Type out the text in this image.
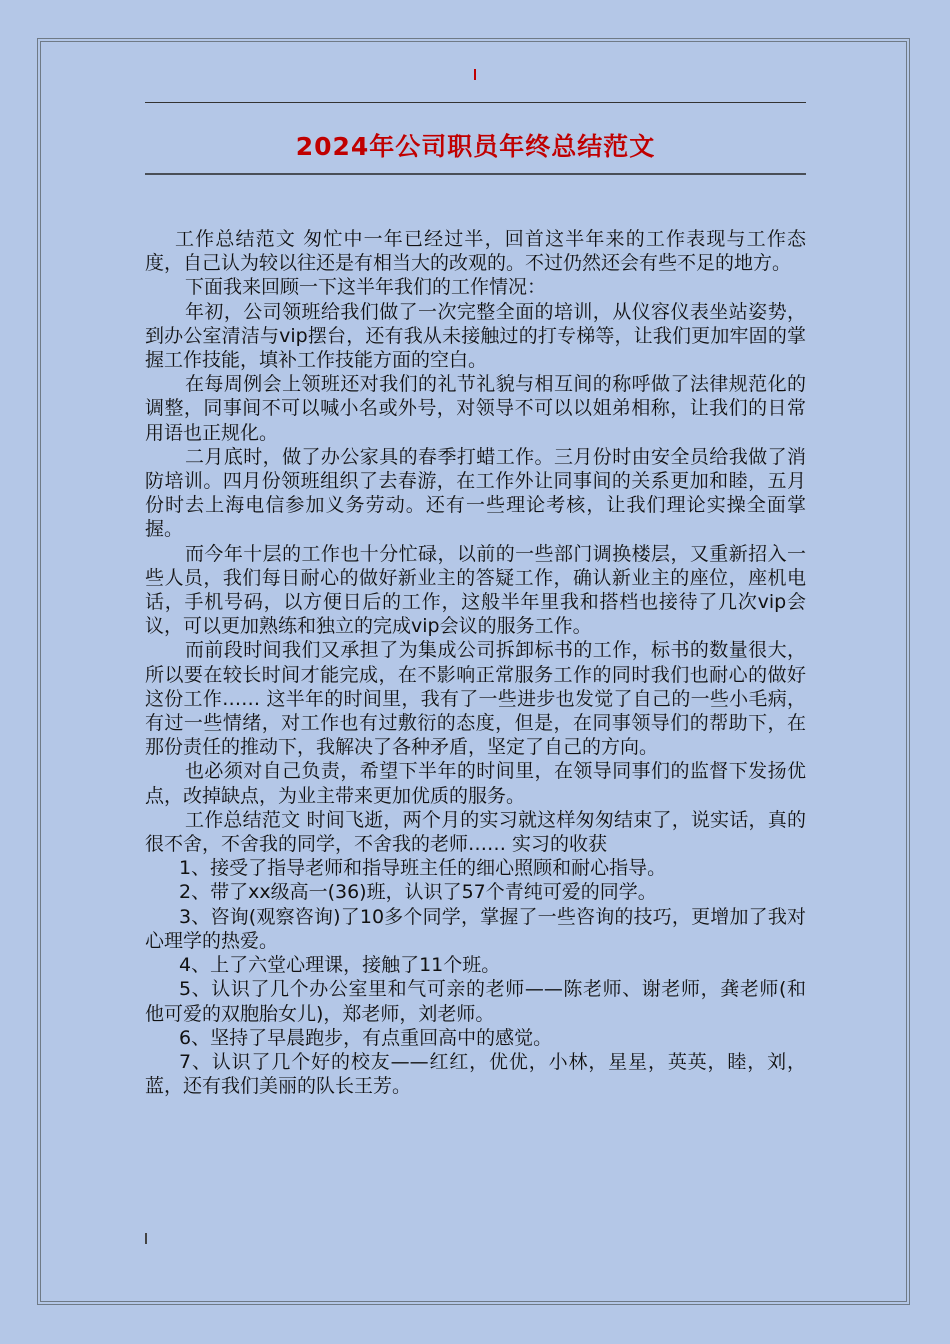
2024年公司职员年终总结范文

工作总结范文 匆忙中一年已经过半，回首这半年来的工作表现与工作态度，自己认为较以往还是有相当大的改观的。不过仍然还会有些不足的地方。

下面我来回顾一下这半年我们的工作情况：

年初，公司领班给我们做了一次完整全面的培训，从仪容仪表坐站姿势，到办公室清洁与vip摆台，还有我从未接触过的打专梯等，让我们更加牢固的掌握工作技能，填补工作技能方面的空白。

在每周例会上领班还对我们的礼节礼貌与相互间的称呼做了法律规范化的调整，同事间不可以喊小名或外号，对领导不可以以姐弟相称，让我们的日常用语也正规化。

二月底时，做了办公家具的春季打蜡工作。三月份时由安全员给我做了消防培训。四月份领班组织了去春游，在工作外让同事间的关系更加和睦，五月份时去上海电信参加义务劳动。还有一些理论考核，让我们理论实操全面掌握。

而今年十层的工作也十分忙碌，以前的一些部门调换楼层，又重新招入一些人员，我们每日耐心的做好新业主的答疑工作，确认新业主的座位，座机电话，手机号码，以方便日后的工作，这般半年里我和搭档也接待了几次vip会议，可以更加熟练和独立的完成vip会议的服务工作。

而前段时间我们又承担了为集成公司拆卸标书的工作，标书的数量很大，所以要在较长时间才能完成，在不影响正常服务工作的同时我们也耐心的做好这份工作…… 这半年的时间里，我有了一些进步也发觉了自己的一些小毛病，有过一些情绪，对工作也有过敷衍的态度，但是，在同事领导们的帮助下，在那份责任的推动下，我解决了各种矛盾，坚定了自己的方向。

也必须对自己负责，希望下半年的时间里，在领导同事们的监督下发扬优点，改掉缺点，为业主带来更加优质的服务。

工作总结范文 时间飞逝，两个月的实习就这样匆匆结束了，说实话，真的很不舍，不舍我的同学，不舍我的老师…… 实习的收获

1、接受了指导老师和指导班主任的细心照顾和耐心指导。

2、带了xx级高一(36)班，认识了57个青纯可爱的同学。

3、咨询(观察咨询)了10多个同学，掌握了一些咨询的技巧，更增加了我对心理学的热爱。

4、上了六堂心理课，接触了11个班。

5、认识了几个办公室里和气可亲的老师——陈老师、谢老师，龚老师(和他可爱的双胞胎女儿)，郑老师，刘老师。

6、坚持了早晨跑步，有点重回高中的感觉。

7、认识了几个好的校友——红红，优优，小林，星星，英英，睦，刘，蓝，还有我们美丽的队长王芳。
